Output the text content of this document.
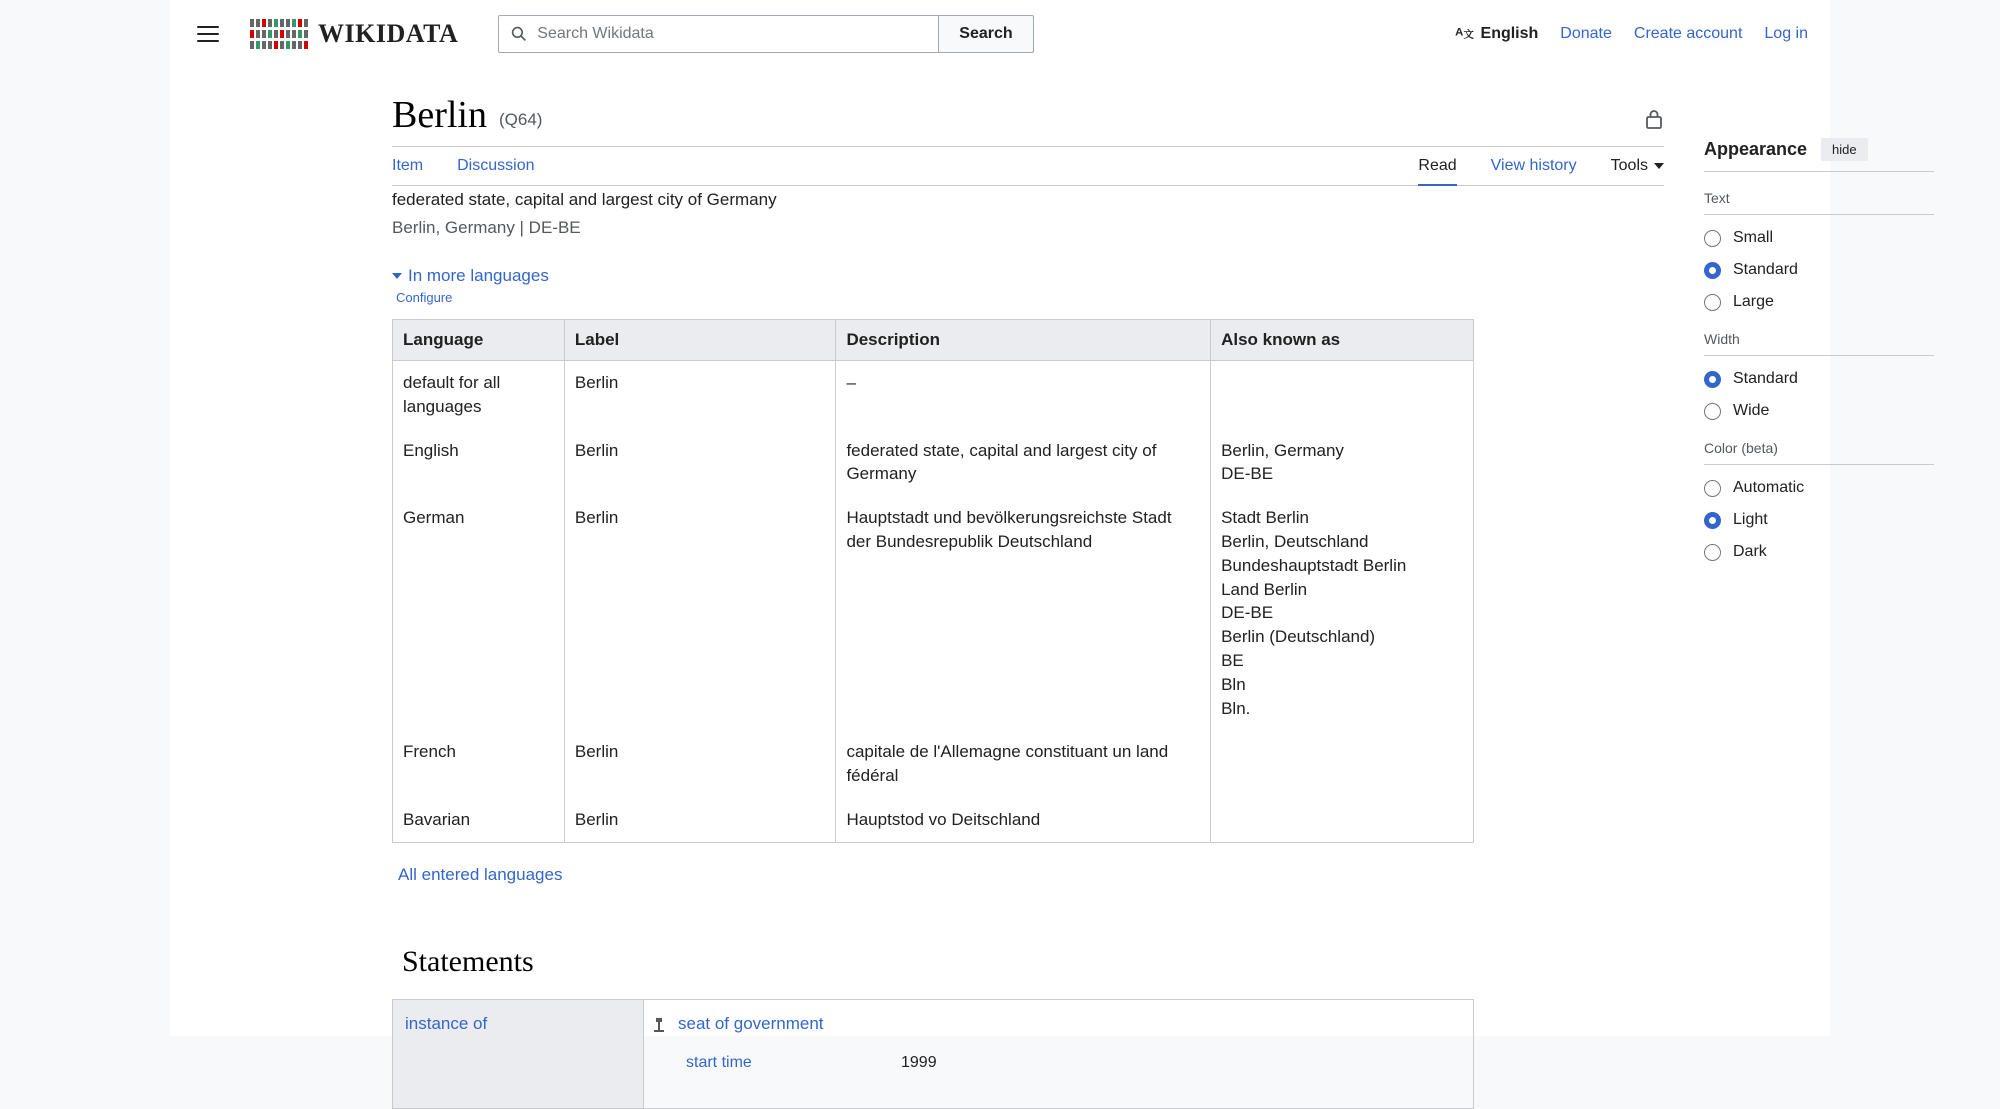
WIKIDATA
Search Wikidata	Search	A 文 English Donate Create account Log in
Berlin (Q64)
Item Discussion	Read View history Tools
federated state, capital and largest city of Germany
Berlin, Germany | DE-BE
In more languages
Configure
Language	Label	Description	Also known as
default for all languages	Berlin	–	
English	Berlin	federated state, capital and largest city of Germany	Berlin, Germany
DE-BE

German	Berlin	Hauptstadt und bevölkerungsreichste Stadt der Bundesrepublik Deutschland	
Stadt Berlin
Berlin, Deutschland
Bundeshauptstadt Berlin
Land Berlin
DE-BE
Berlin (Deutschland)
BE
Bln
Bln.

French	Berlin	capitale de l'Allemagne constituant un land fédéral	
Bavarian	Berlin	Hauptstod vo Deitschland	
All entered languages
Statements
instance of	seat of government
start time	1999
Appearance	hide
Text
Small
Standard
Large
Width
Standard
Wide
Color (beta)
Automatic
Light
Dark
